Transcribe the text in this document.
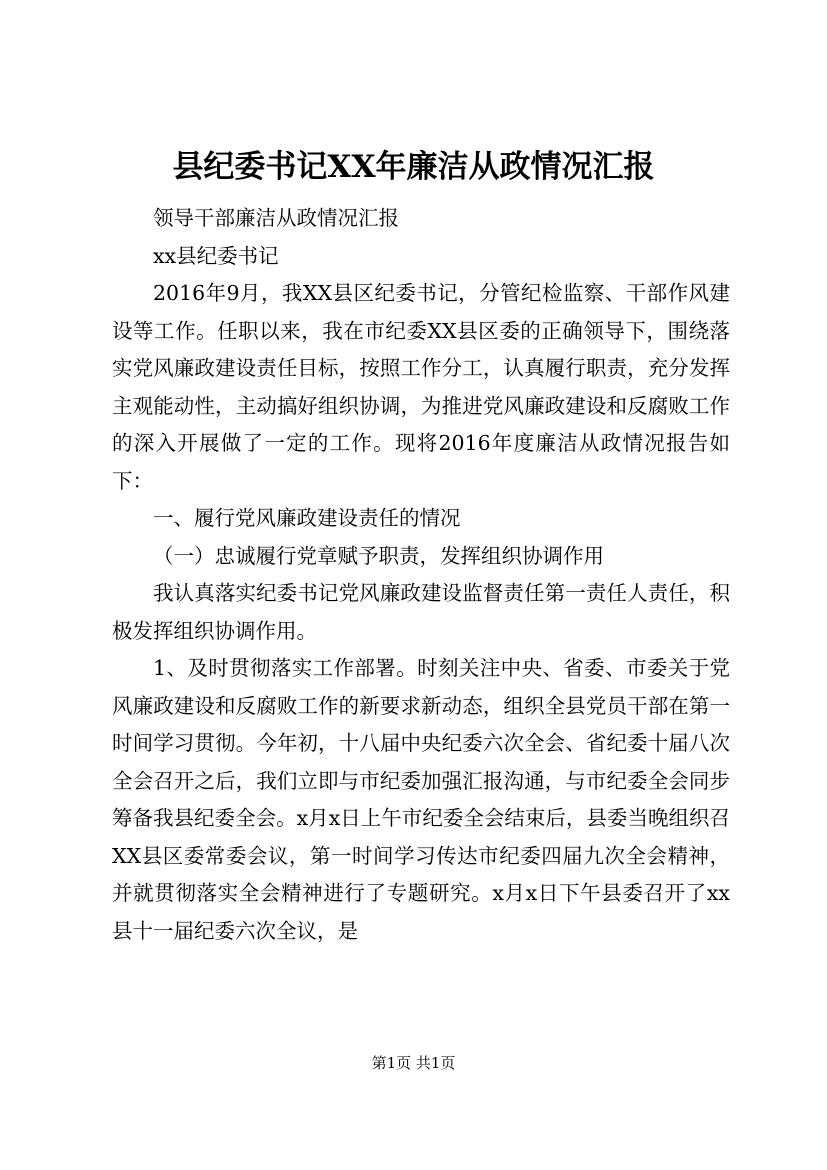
县纪委书记XX年廉洁从政情况汇报

领导干部廉洁从政情况汇报

xx县纪委书记

2016年9月，我XX县区纪委书记，分管纪检监察、干部作风建设等工作。任职以来，我在市纪委XX县区委的正确领导下，围绕落实党风廉政建设责任目标，按照工作分工，认真履行职责，充分发挥主观能动性，主动搞好组织协调，为推进党风廉政建设和反腐败工作的深入开展做了一定的工作。现将2016年度廉洁从政情况报告如下：

一、履行党风廉政建设责任的情况

（一）忠诚履行党章赋予职责，发挥组织协调作用

我认真落实纪委书记党风廉政建设监督责任第一责任人责任，积极发挥组织协调作用。

1、及时贯彻落实工作部署。时刻关注中央、省委、市委关于党风廉政建设和反腐败工作的新要求新动态，组织全县党员干部在第一时间学习贯彻。今年初，十八届中央纪委六次全会、省纪委十届八次全会召开之后，我们立即与市纪委加强汇报沟通，与市纪委全会同步筹备我县纪委全会。x月x日上午市纪委全会结束后，县委当晚组织召XX县区委常委会议，第一时间学习传达市纪委四届九次全会精神，并就贯彻落实全会精神进行了专题研究。x月x日下午县委召开了xx县十一届纪委六次全议，是

第1页 共1页
